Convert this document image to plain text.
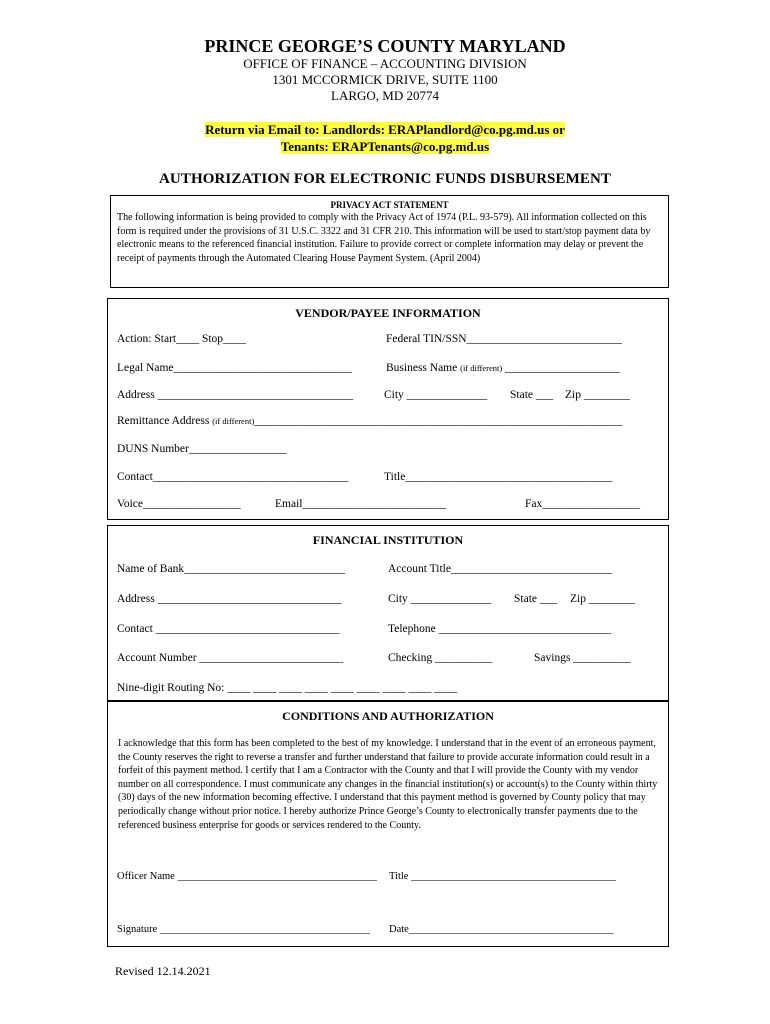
PRINCE GEORGE’S COUNTY MARYLAND
OFFICE OF FINANCE – ACCOUNTING DIVISION
1301 MCCORMICK DRIVE, SUITE 1100
LARGO, MD 20774
Return via Email to: Landlords: ERAPlandlord@co.pg.md.us or
Tenants: ERAPTenants@co.pg.md.us
AUTHORIZATION FOR ELECTRONIC FUNDS DISBURSEMENT
PRIVACY ACT STATEMENT
The following information is being provided to comply with the Privacy Act of 1974 (P.L. 93-579). All information collected on this form is required under the provisions of 31 U.S.C. 3322 and 31 CFR 210. This information will be used to start/stop payment data by electronic means to the referenced financial institution. Failure to provide correct or complete information may delay or prevent the receipt of payments through the Automated Clearing House Payment System. (April 2004)
VENDOR/PAYEE INFORMATION
Action: Start____ Stop____	Federal TIN/SSN___________________________
Legal Name_______________________________	Business Name (if different) ____________________
Address __________________________________	City ______________ State ___ Zip ________
Remittance Address (if different)________________________________________________________________
DUNS Number_________________
Contact__________________________________	Title____________________________________
Voice_________________	Email_________________________	Fax_________________
FINANCIAL INSTITUTION
Name of Bank____________________________	Account Title____________________________
Address ________________________________	City ______________ State ___ Zip ________
Contact ________________________________	Telephone ______________________________
Account Number _________________________	Checking __________	Savings __________
Nine-digit Routing No: ____ ____ ____ ____ ____ ____ ____ ____ ____
CONDITIONS AND AUTHORIZATION
I acknowledge that this form has been completed to the best of my knowledge. I understand that in the event of an erroneous payment, the County reserves the right to reverse a transfer and further understand that failure to provide accurate information could result in a forfeit of this payment method. I certify that I am a Contractor with the County and that I will provide the County with my vendor number on all correspondence. I must communicate any changes in the financial institution(s) or account(s) to the County within thirty (30) days of the new information becoming effective. I understand that this payment method is governed by County policy that may periodically change without prior notice. I hereby authorize Prince George’s County to electronically transfer payments due to the referenced business enterprise for goods or services rendered to the County.
Officer Name ______________________________________ Title _______________________________________
Signature ________________________________________ Date_______________________________________
Revised 12.14.2021
